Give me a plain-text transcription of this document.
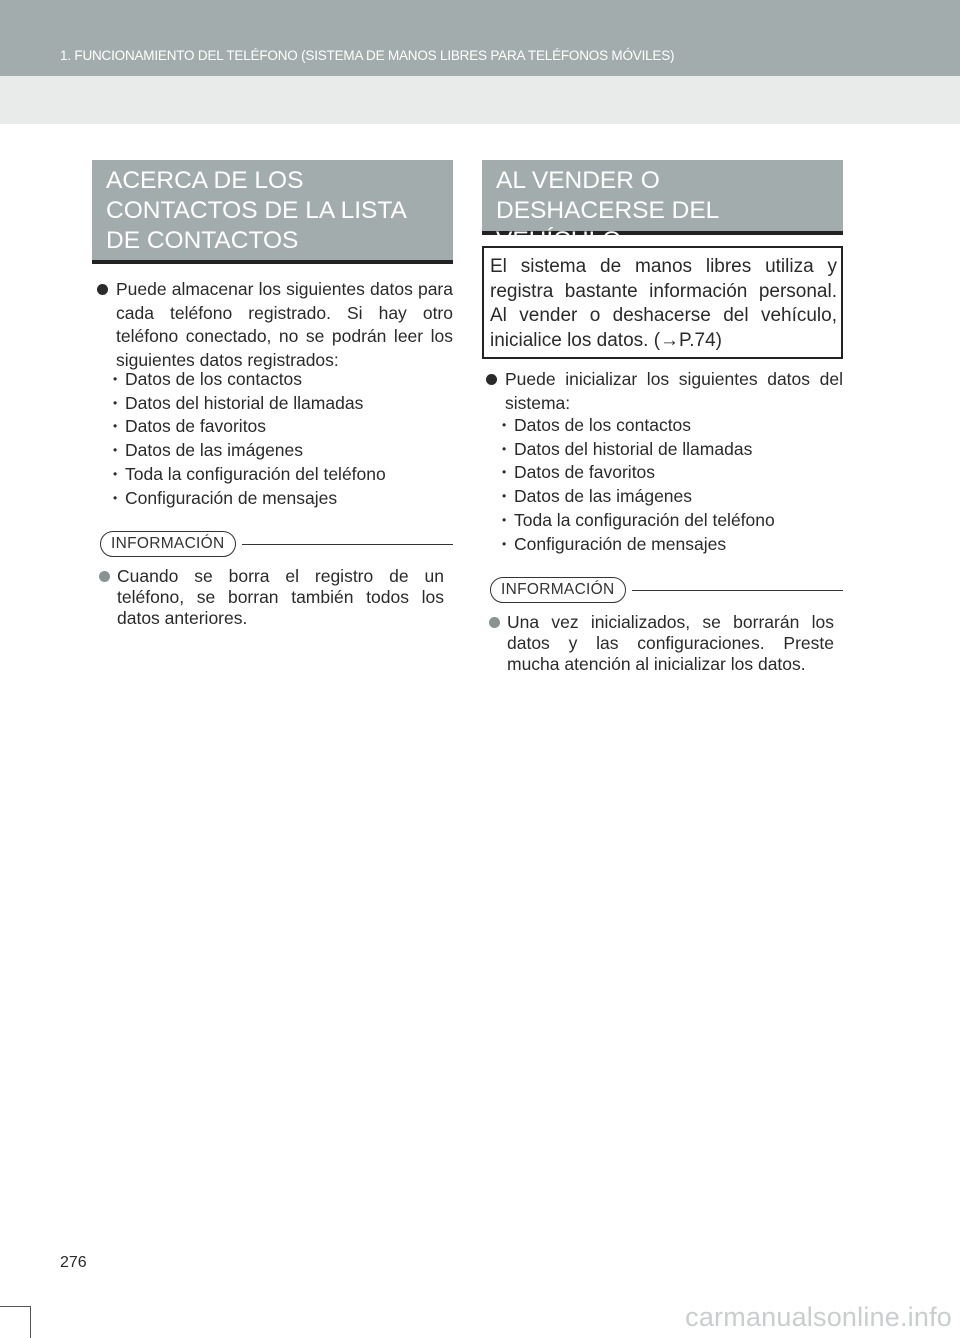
1. FUNCIONAMIENTO DEL TELÉFONO (SISTEMA DE MANOS LIBRES PARA TELÉFONOS MÓVILES)
ACERCA DE LOS CONTACTOS DE LA LISTA DE CONTACTOS
Puede almacenar los siguientes datos para cada teléfono registrado. Si hay otro teléfono conectado, no se podrán leer los siguientes datos registrados:
• Datos de los contactos
• Datos del historial de llamadas
• Datos de favoritos
• Datos de las imágenes
• Toda la configuración del teléfono
• Configuración de mensajes
INFORMACIÓN
Cuando se borra el registro de un teléfono, se borran también todos los datos anteriores.
AL VENDER O DESHACERSE DEL VEHÍCULO
El sistema de manos libres utiliza y registra bastante información personal. Al vender o deshacerse del vehículo, inicialice los datos. (→P.74)
Puede inicializar los siguientes datos del sistema:
• Datos de los contactos
• Datos del historial de llamadas
• Datos de favoritos
• Datos de las imágenes
• Toda la configuración del teléfono
• Configuración de mensajes
INFORMACIÓN
Una vez inicializados, se borrarán los datos y las configuraciones. Preste mucha atención al inicializar los datos.
276
carmanualsonline.info
